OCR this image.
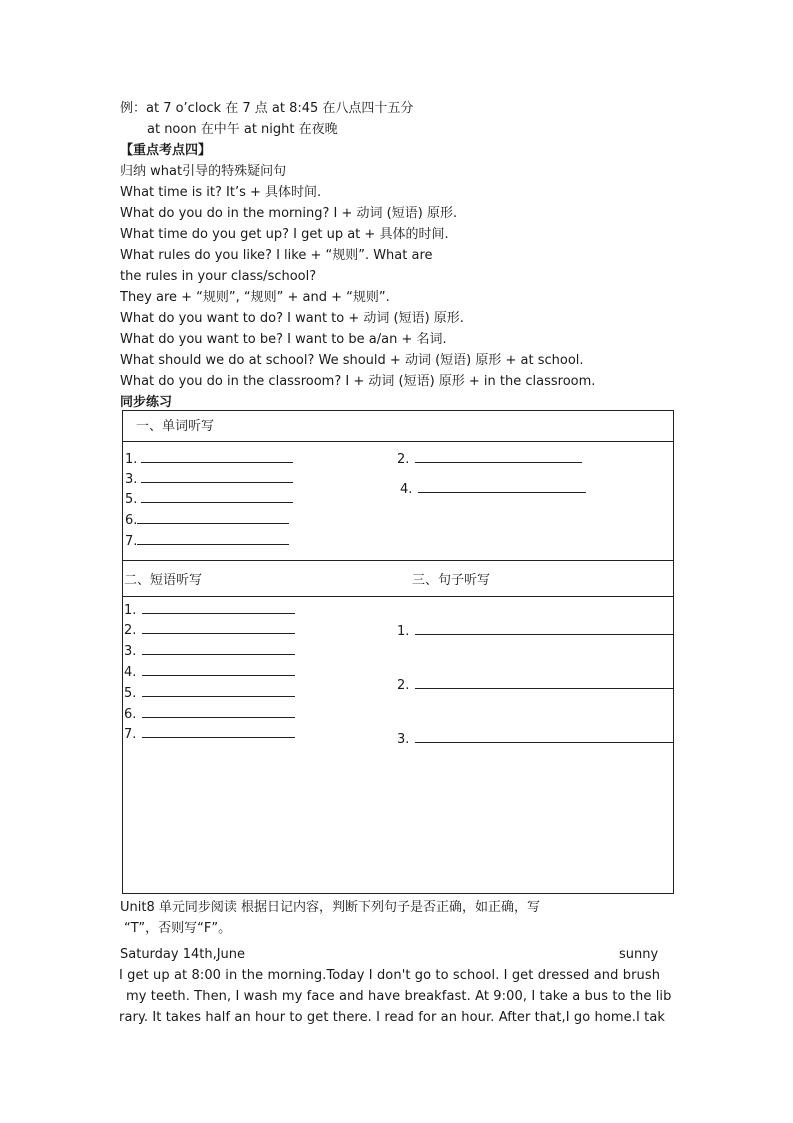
例：at 7 o’clock 在 7 点 at 8:45 在八点四十五分
at noon 在中午 at night 在夜晚
【重点考点四】
归纳 what引导的特殊疑问句
What time is it? It’s + 具体时间.
What do you do in the morning? I + 动词 (短语) 原形.
What time do you get up? I get up at + 具体的时间.
What rules do you like? I like + “规则”. What are
the rules in your class/school?
They are + “规则”, “规则” + and + “规则”.
What do you want to do? I want to + 动词 (短语) 原形.
What do you want to be? I want to be a/an + 名词.
What should we do at school? We should + 动词 (短语) 原形 + at school.
What do you do in the classroom? I + 动词 (短语) 原形 + in the classroom.
同步练习
一、单词听写
1.
3.
5.
6.
7.
2.
4.
二、短语听写	三、句子听写
1.
2.
3.
4.
5.
6.
7.
1.
2.
3.
Unit8 单元同步阅读 根据日记内容，判断下列句子是否正确，如正确，写
“T”，否则写“F”。
Saturday 14th,June	sunny
I get up at 8:00 in the morning.Today I don't go to school. I get dressed and brush
my teeth. Then, I wash my face and have breakfast. At 9:00, I take a bus to the lib
rary. It takes half an hour to get there. I read for an hour. After that,I go home.I tak
